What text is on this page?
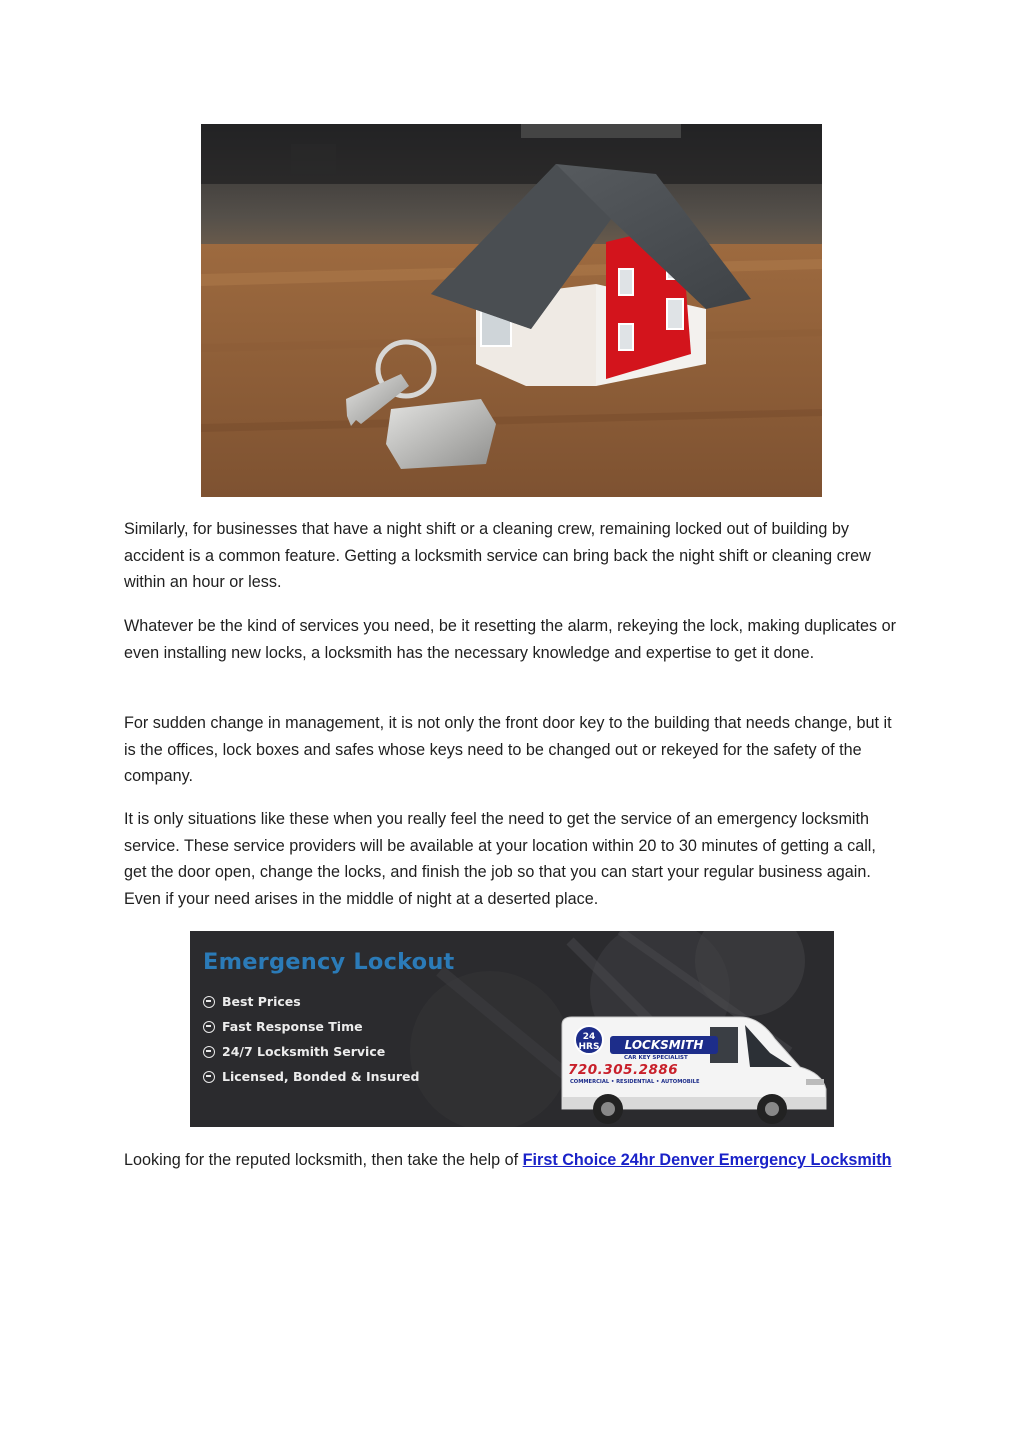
Similarly, for businesses that have a night shift or a cleaning crew, remaining locked out of building by accident is a common feature. Getting a locksmith service can bring back the night shift or cleaning crew within an hour or less.

Whatever be the kind of services you need, be it resetting the alarm, rekeying the lock, making duplicates or even installing new locks, a locksmith has the necessary knowledge and expertise to get it done.

For sudden change in management, it is not only the front door key to the building that needs change, but it is the offices, lock boxes and safes whose keys need to be changed out or rekeyed for the safety of the company.

It is only situations like these when you really feel the need to get the service of an emergency locksmith service. These service providers will be available at your location within 20 to 30 minutes of getting a call, get the door open, change the locks, and finish the job so that you can start your regular business again. Even if your need arises in the middle of night at a deserted place.

Emergency Lockout
Best Prices
Fast Response Time
24/7 Locksmith Service
Licensed, Bonded & Insured
24 HRS	LOCKSMITH
CAR KEY SPECIALIST
720.305.2886
COMMERCIAL • RESIDENTIAL • AUTOMOBILE

Looking for the reputed locksmith, then take the help of First Choice 24hr Denver Emergency Locksmith
